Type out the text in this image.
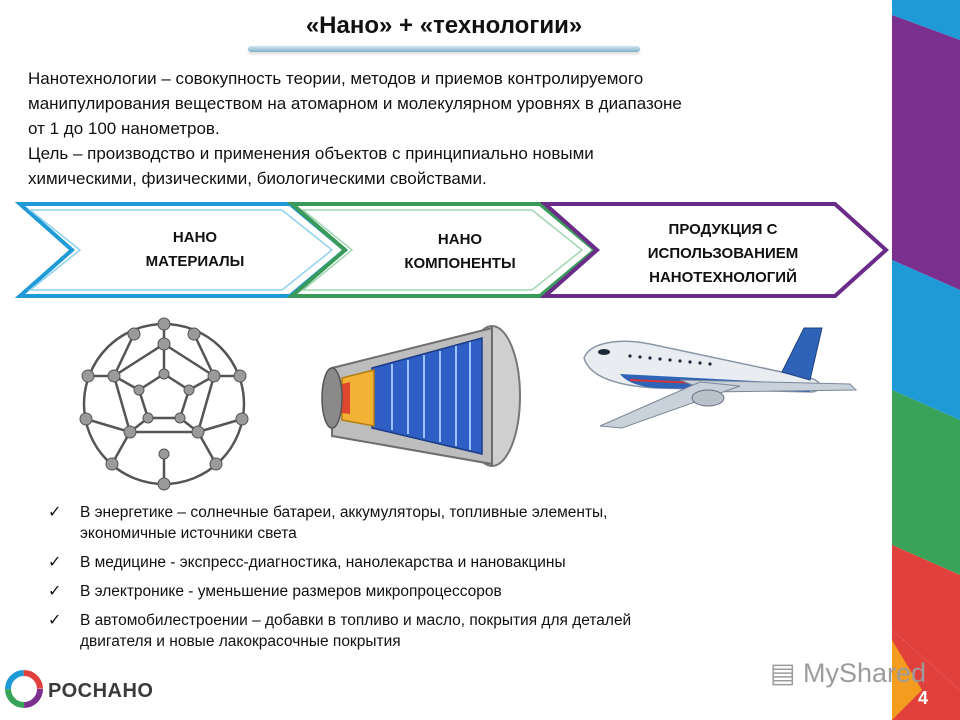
«Нано» + «технологии»

Нанотехнологии – совокупность теории, методов и приемов контролируемого

манипулирования веществом на атомарном и молекулярном уровнях в диапазоне

от 1 до 100 нанометров.

Цель – производство и применения объектов с принципиально новыми

химическими, физическими, биологическими свойствами.

НАНО
МАТЕРИАЛЫ
НАНО
КОМПОНЕНТЫ
ПРОДУКЦИЯ С
ИСПОЛЬЗОВАНИЕМ
НАНОТЕХНОЛОГИЙ
✓ В энергетике – солнечные батареи, аккумуляторы, топливные элементы,
экономичные источники света
✓ В медицине - экспресс-диагностика, нанолекарства и нановакцины
✓ В электронике - уменьшение размеров микропроцессоров
✓ В автомобилестроении – добавки в топливо и масло, покрытия для деталей
двигателя и новые лакокрасочные покрытия
4
РОСНАНО
▤ MyShared
